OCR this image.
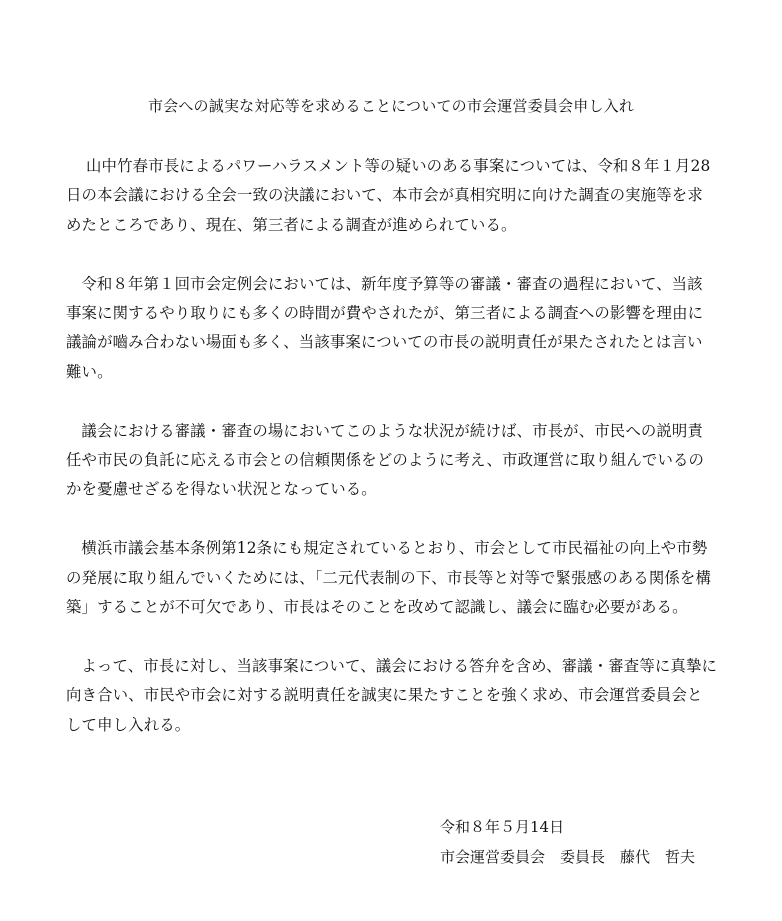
市会への誠実な対応等を求めることについての市会運営委員会申し入れ

山中竹春市長によるパワーハラスメント等の疑いのある事案については、令和８年１月28日の本会議における全会一致の決議において、本市会が真相究明に向けた調査の実施等を求めたところであり、現在、第三者による調査が進められている。

令和８年第１回市会定例会においては、新年度予算等の審議・審査の過程において、当該事案に関するやり取りにも多くの時間が費やされたが、第三者による調査への影響を理由に議論が嚙み合わない場面も多く、当該事案についての市長の説明責任が果たされたとは言い難い。

議会における審議・審査の場においてこのような状況が続けば、市長が、市民への説明責任や市民の負託に応える市会との信頼関係をどのように考え、市政運営に取り組んでいるのかを憂慮せざるを得ない状況となっている。

横浜市議会基本条例第12条にも規定されているとおり、市会として市民福祉の向上や市勢の発展に取り組んでいくためには、「二元代表制の下、市長等と対等で緊張感のある関係を構築」することが不可欠であり、市長はそのことを改めて認識し、議会に臨む必要がある。

よって、市長に対し、当該事案について、議会における答弁を含め、審議・審査等に真摯に向き合い、市民や市会に対する説明責任を誠実に果たすことを強く求め、市会運営委員会として申し入れる。

令和８年５月14日
市会運営委員会　委員長　藤代　哲夫
